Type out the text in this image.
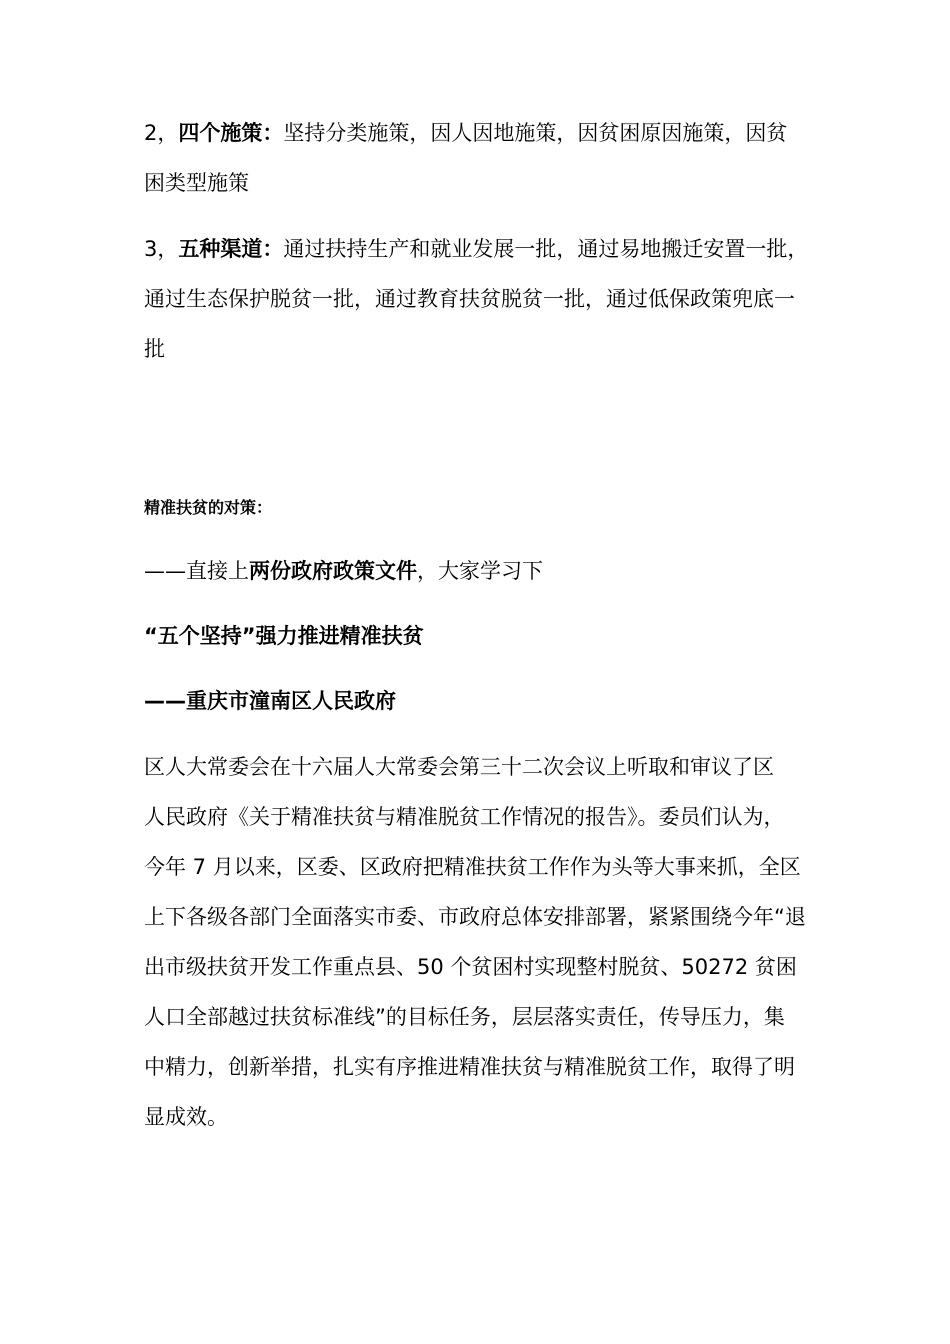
2，四个施策：坚持分类施策，因人因地施策，因贫困原因施策，因贫
困类型施策
3，五种渠道：通过扶持生产和就业发展一批，通过易地搬迁安置一批，
通过生态保护脱贫一批，通过教育扶贫脱贫一批，通过低保政策兜底一
批
精准扶贫的对策：
——直接上两份政府政策文件，大家学习下
“五个坚持”强力推进精准扶贫
——重庆市潼南区人民政府
区人大常委会在十六届人大常委会第三十二次会议上听取和审议了区
人民政府《关于精准扶贫与精准脱贫工作情况的报告》。委员们认为，
今年 7 月以来，区委、区政府把精准扶贫工作作为头等大事来抓，全区
上下各级各部门全面落实市委、市政府总体安排部署，紧紧围绕今年“退
出市级扶贫开发工作重点县、50 个贫困村实现整村脱贫、50272 贫困
人口全部越过扶贫标准线”的目标任务，层层落实责任，传导压力，集
中精力，创新举措，扎实有序推进精准扶贫与精准脱贫工作，取得了明
显成效。
